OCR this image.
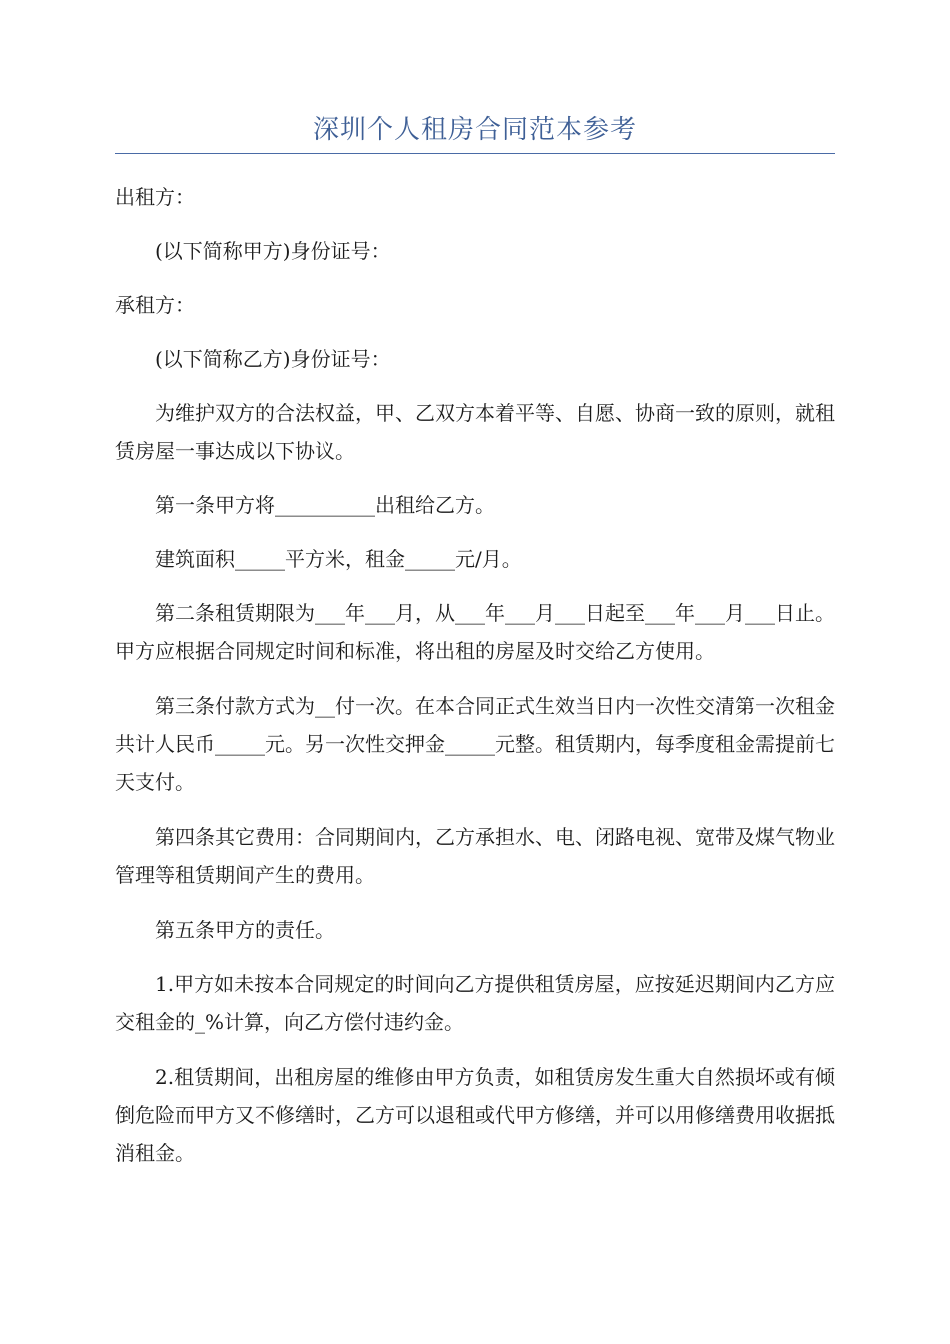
深圳个人租房合同范本参考

出租方：

(以下简称甲方)身份证号：

承租方：

(以下简称乙方)身份证号：

为维护双方的合法权益，甲、乙双方本着平等、自愿、协商一致的原则，就租赁房屋一事达成以下协议。

第一条甲方将__________出租给乙方。

建筑面积_____平方米，租金_____元/月。

第二条租赁期限为___年___月，从___年___月___日起至___年___月___日止。甲方应根据合同规定时间和标准，将出租的房屋及时交给乙方使用。

第三条付款方式为__付一次。在本合同正式生效当日内一次性交清第一次租金共计人民币_____元。另一次性交押金_____元整。租赁期内，每季度租金需提前七天支付。

第四条其它费用：合同期间内，乙方承担水、电、闭路电视、宽带及煤气物业管理等租赁期间产生的费用。

第五条甲方的责任。

1.甲方如未按本合同规定的时间向乙方提供租赁房屋，应按延迟期间内乙方应交租金的_%计算，向乙方偿付违约金。

2.租赁期间，出租房屋的维修由甲方负责，如租赁房发生重大自然损坏或有倾倒危险而甲方又不修缮时，乙方可以退租或代甲方修缮，并可以用修缮费用收据抵消租金。
